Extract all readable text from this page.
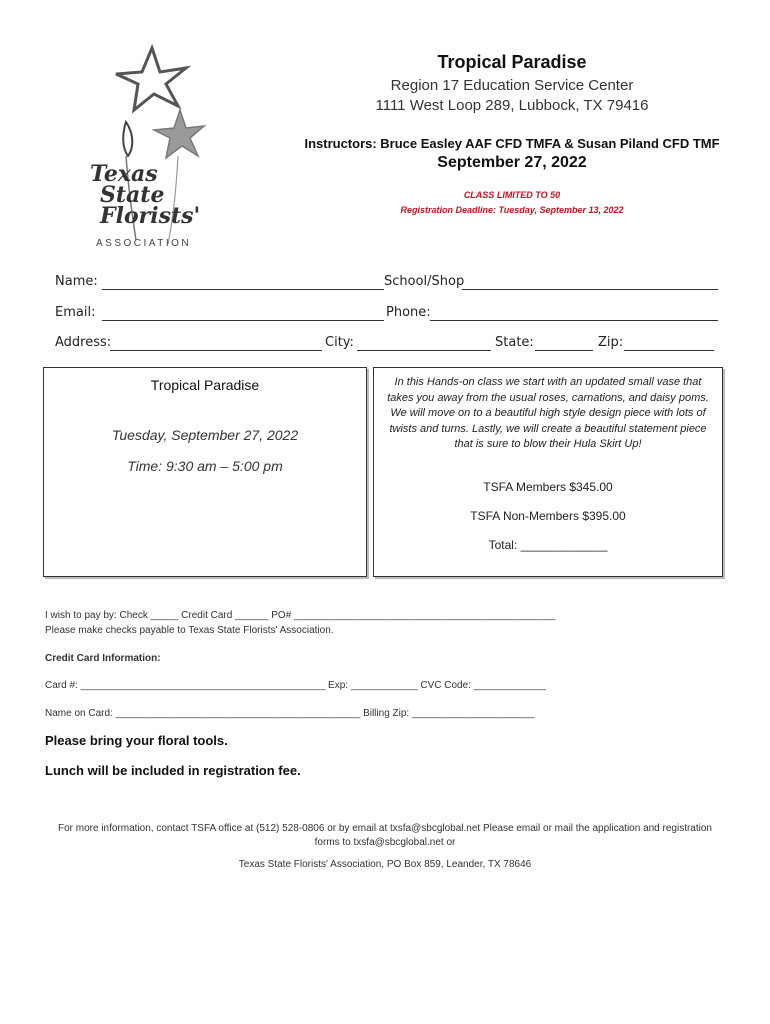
Texas
State
Florists'
ASSOCIATION
Tropical Paradise
Region 17 Education Service Center
1111 West Loop 289, Lubbock, TX 79416
Instructors: Bruce Easley AAF CFD TMFA & Susan Piland CFD TMF
September 27, 2022
CLASS LIMITED TO 50
Registration Deadline: Tuesday, September 13, 2022
Name:	School/Shop
Email:	Phone:
Address:	City:	State:	Zip:
Tropical Paradise
Tuesday, September 27, 2022
Time: 9:30 am – 5:00 pm
In this Hands-on class we start with an updated small vase that takes you away from the usual roses, carnations, and daisy poms. We will move on to a beautiful high style design piece with lots of twists and turns. Lastly, we will create a beautiful statement piece that is sure to blow their Hula Skirt Up!
TSFA Members $345.00
TSFA Non-Members $395.00
Total: _____________
I wish to pay by: Check _____ Credit Card ______ PO# _______________________________________________
Please make checks payable to Texas State Florists' Association.
Credit Card Information:
Card #: ____________________________________________ Exp: ____________ CVC Code: _____________
Name on Card: ____________________________________________ Billing Zip: ______________________
Please bring your floral tools.
Lunch will be included in registration fee.
For more information, contact TSFA office at (512) 528-0806 or by email at txsfa@sbcglobal.net Please email or mail the application and registration forms to txsfa@sbcglobal.net or
Texas State Florists' Association, PO Box 859, Leander, TX 78646
